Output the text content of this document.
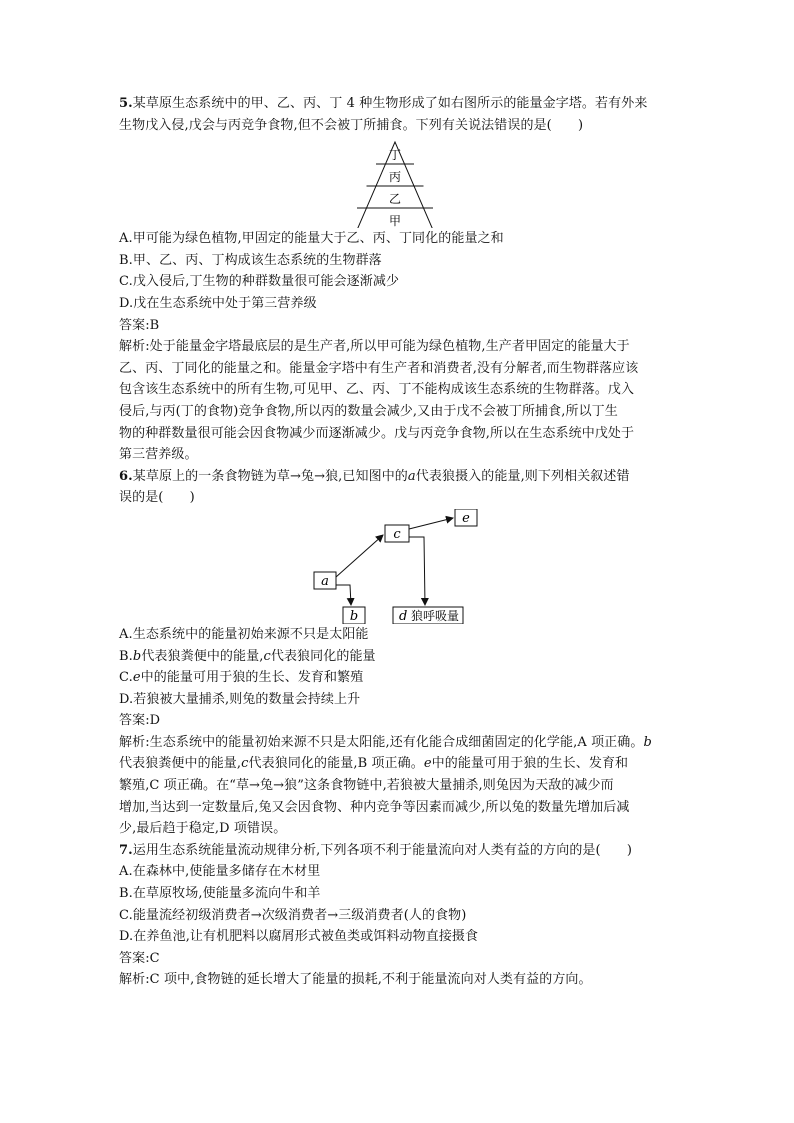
5.某草原生态系统中的甲、乙、丙、丁 4 种生物形成了如右图所示的能量金字塔。若有外来
生物戊入侵,戊会与丙竞争食物,但不会被丁所捕食。下列有关说法错误的是(　　)
丁
丙
乙
甲
A.甲可能为绿色植物,甲固定的能量大于乙、丙、丁同化的能量之和
B.甲、乙、丙、丁构成该生态系统的生物群落
C.戊入侵后,丁生物的种群数量很可能会逐渐减少
D.戊在生态系统中处于第三营养级
答案:B
解析:处于能量金字塔最底层的是生产者,所以甲可能为绿色植物,生产者甲固定的能量大于
乙、丙、丁同化的能量之和。能量金字塔中有生产者和消费者,没有分解者,而生物群落应该
包含该生态系统中的所有生物,可见甲、乙、丙、丁不能构成该生态系统的生物群落。戊入
侵后,与丙(丁的食物)竞争食物,所以丙的数量会减少,又由于戊不会被丁所捕食,所以丁生
物的种群数量很可能会因食物减少而逐渐减少。戊与丙竞争食物,所以在生态系统中戊处于
第三营养级。
6.某草原上的一条食物链为草→兔→狼,已知图中的a代表狼摄入的能量,则下列相关叙述错
误的是(　　)
a
c
e
b	d 狼呼吸量
A.生态系统中的能量初始来源不只是太阳能
B.b代表狼粪便中的能量,c代表狼同化的能量
C.e中的能量可用于狼的生长、发育和繁殖
D.若狼被大量捕杀,则兔的数量会持续上升
答案:D
解析:生态系统中的能量初始来源不只是太阳能,还有化能合成细菌固定的化学能,A 项正确。b
代表狼粪便中的能量,c代表狼同化的能量,B 项正确。e中的能量可用于狼的生长、发育和
繁殖,C 项正确。在“草→兔→狼”这条食物链中,若狼被大量捕杀,则兔因为天敌的减少而
增加,当达到一定数量后,兔又会因食物、种内竞争等因素而减少,所以兔的数量先增加后减
少,最后趋于稳定,D 项错误。
7.运用生态系统能量流动规律分析,下列各项不利于能量流向对人类有益的方向的是(　　)
A.在森林中,使能量多储存在木材里
B.在草原牧场,使能量多流向牛和羊
C.能量流经初级消费者→次级消费者→三级消费者(人的食物)
D.在养鱼池,让有机肥料以腐屑形式被鱼类或饵料动物直接摄食
答案:C
解析:C 项中,食物链的延长增大了能量的损耗,不利于能量流向对人类有益的方向。
